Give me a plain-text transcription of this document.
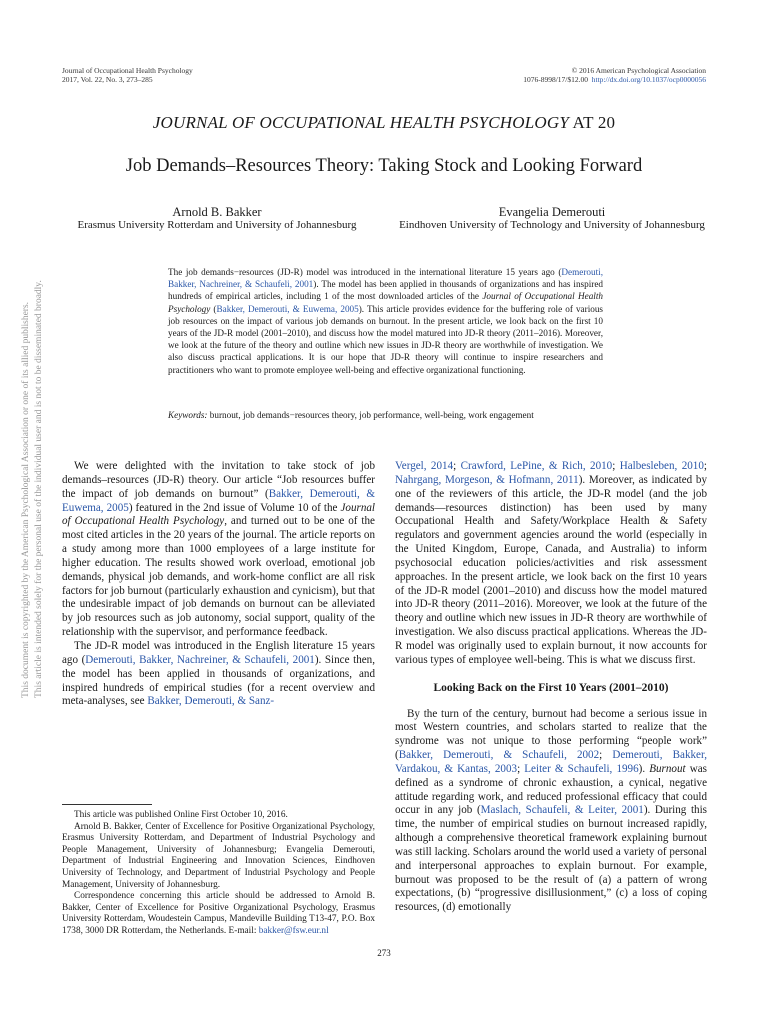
Journal of Occupational Health Psychology
2017, Vol. 22, No. 3, 273–285
© 2016 American Psychological Association
1076-8998/17/$12.00 http://dx.doi.org/10.1037/ocp0000056
JOURNAL OF OCCUPATIONAL HEALTH PSYCHOLOGY AT 20
Job Demands–Resources Theory: Taking Stock and Looking Forward
Arnold B. Bakker
Erasmus University Rotterdam and University of Johannesburg
Evangelia Demerouti
Eindhoven University of Technology and University of Johannesburg
The job demands−resources (JD-R) model was introduced in the international literature 15 years ago (Demerouti, Bakker, Nachreiner, & Schaufeli, 2001). The model has been applied in thousands of organizations and has inspired hundreds of empirical articles, including 1 of the most downloaded articles of the Journal of Occupational Health Psychology (Bakker, Demerouti, & Euwema, 2005). This article provides evidence for the buffering role of various job resources on the impact of various job demands on burnout. In the present article, we look back on the first 10 years of the JD-R model (2001–2010), and discuss how the model matured into JD-R theory (2011–2016). Moreover, we look at the future of the theory and outline which new issues in JD-R theory are worthwhile of investigation. We also discuss practical applications. It is our hope that JD-R theory will continue to inspire researchers and practitioners who want to promote employee well-being and effective organizational functioning.
Keywords: burnout, job demands−resources theory, job performance, well-being, work engagement
This document is copyrighted by the American Psychological Association or one of its allied publishers. This article is intended solely for the personal use of the individual user and is not to be disseminated broadly.	We were delighted with the invitation to take stock of job demands–resources (JD-R) theory. Our article “Job resources buffer the impact of job demands on burnout” (Bakker, Demerouti, & Euwema, 2005) featured in the 2nd issue of Volume 10 of the Journal of Occupational Health Psychology, and turned out to be one of the most cited articles in the 20 years of the journal. The article reports on a study among more than 1000 employees of a large institute for higher education. The results showed work overload, emotional job demands, physical job demands, and work-home conflict are all risk factors for job burnout (particularly exhaustion and cynicism), but that the undesirable impact of job demands on burnout can be alleviated by job resources such as job autonomy, social support, quality of the relationship with the supervisor, and performance feedback.

The JD-R model was introduced in the English literature 15 years ago (Demerouti, Bakker, Nachreiner, & Schaufeli, 2001). Since then, the model has been applied in thousands of organizations, and inspired hundreds of empirical studies (for a recent overview and meta-analyses, see Bakker, Demerouti, & Sanz-

Vergel, 2014; Crawford, LePine, & Rich, 2010; Halbesleben, 2010; Nahrgang, Morgeson, & Hofmann, 2011). Moreover, as indicated by one of the reviewers of this article, the JD-R model (and the job demands—resources distinction) has been used by many Occupational Health and Safety/Workplace Health & Safety regulators and government agencies around the world (especially in the United Kingdom, Europe, Canada, and Australia) to inform psychosocial education policies/activities and risk assessment approaches. In the present article, we look back on the first 10 years of the JD-R model (2001–2010) and discuss how the model matured into JD-R theory (2011–2016). Moreover, we look at the future of the theory and outline which new issues in JD-R theory are worthwhile of investigation. We also discuss practical applications. Whereas the JD-R model was originally used to explain burnout, it now accounts for various types of employee well-being. This is what we discuss first.

Looking Back on the First 10 Years (2001–2010)

By the turn of the century, burnout had become a serious issue in most Western countries, and scholars started to realize that the syndrome was not unique to those performing “people work” (Bakker, Demerouti, & Schaufeli, 2002; Demerouti, Bakker, Vardakou, & Kantas, 2003; Leiter & Schaufeli, 1996). Burnout was defined as a syndrome of chronic exhaustion, a cynical, negative attitude regarding work, and reduced professional efficacy that could occur in any job (Maslach, Schaufeli, & Leiter, 2001). During this time, the number of empirical studies on burnout increased rapidly, although a comprehensive theoretical framework explaining burnout was still lacking. Scholars around the world used a variety of personal and interpersonal approaches to explain burnout. For example, burnout was proposed to be the result of (a) a pattern of wrong expectations, (b) “progressive disillusionment,” (c) a loss of coping resources, (d) emotionally

This article was published Online First October 10, 2016.

Arnold B. Bakker, Center of Excellence for Positive Organizational Psychology, Erasmus University Rotterdam, and Department of Industrial Psychology and People Management, University of Johannesburg; Evangelia Demerouti, Department of Industrial Engineering and Innovation Sciences, Eindhoven University of Technology, and Department of Industrial Psychology and People Management, University of Johannesburg.

Correspondence concerning this article should be addressed to Arnold B. Bakker, Center of Excellence for Positive Organizational Psychology, Erasmus University Rotterdam, Woudestein Campus, Mandeville Building T13-47, P.O. Box 1738, 3000 DR Rotterdam, the Netherlands. E-mail: bakker@fsw.eur.nl

273
